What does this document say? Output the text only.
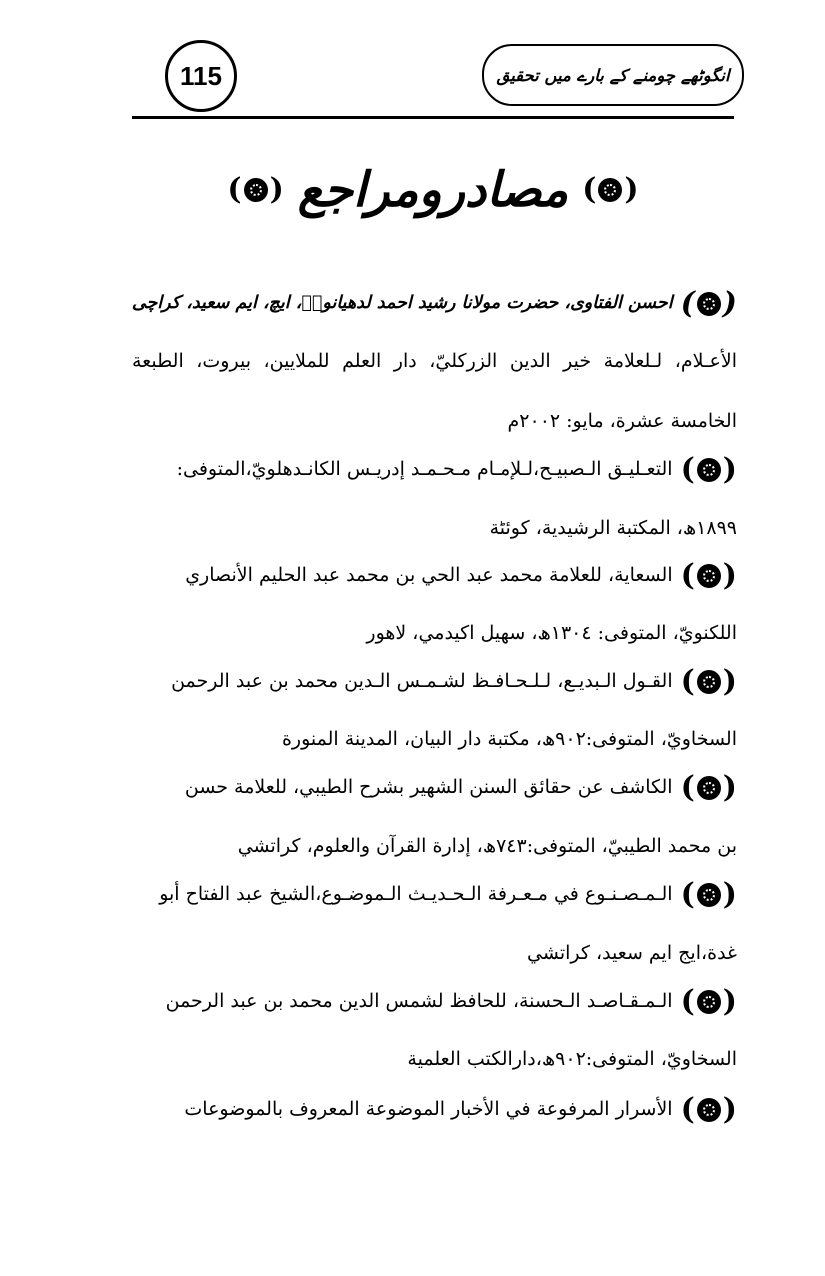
115	انگوٹھے چومنے کے بارے میں تحقیق
( ) مصادرومراجع ( )
(
)
احسن الفتاوی، حضرت مولانا رشید احمد لدھیانویؒ، ایچ، ایم سعید، کراچی
الأعـلام، لـلعلامة خير الدين الزركليّ، دار العلم للملايين، بيروت، الطبعة
الخامسة عشرة، مايو: ٢٠٠٢م
(
)
التعـليـق الـصبيـح،لـلإمـام مـحـمـد إدريـس الكانـدهلويّ،المتوفى:
١٨٩٩ھ، المكتبة الرشيدية، كوئٹة
(
)
السعاية، للعلامة محمد عبد الحي بن محمد عبد الحليم الأنصاري
اللكنويّ، المتوفى: ١٣٠٤ھ، سهيل اكيدمي، لاهور
(
)
القـول الـبديـع، لـلـحـافـظ لشـمـس الـدين محمد بن عبد الرحمن
السخاويّ، المتوفى:٩٠٢ھ، مكتبة دار البيان، المدينة المنورة
(
)
الكاشف عن حقائق السنن الشهير بشرح الطيبي، للعلامة حسن
بن محمد الطيبيّ، المتوفى:٧٤٣ھ، إدارة القرآن والعلوم، كراتشي
(
)
الـمـصـنـوع في مـعـرفة الـحـديـث الـموضـوع،الشيخ عبد الفتاح أبو
غدة،ايج ايم سعيد، كراتشي
(
)
الـمـقـاصـد الـحسنة، للحافظ لشمس الدين محمد بن عبد الرحمن
السخاويّ، المتوفى:٩٠٢ھ،دارالكتب العلمية
(
)
الأسرار المرفوعة في الأخبار الموضوعة المعروف بالموضوعات
